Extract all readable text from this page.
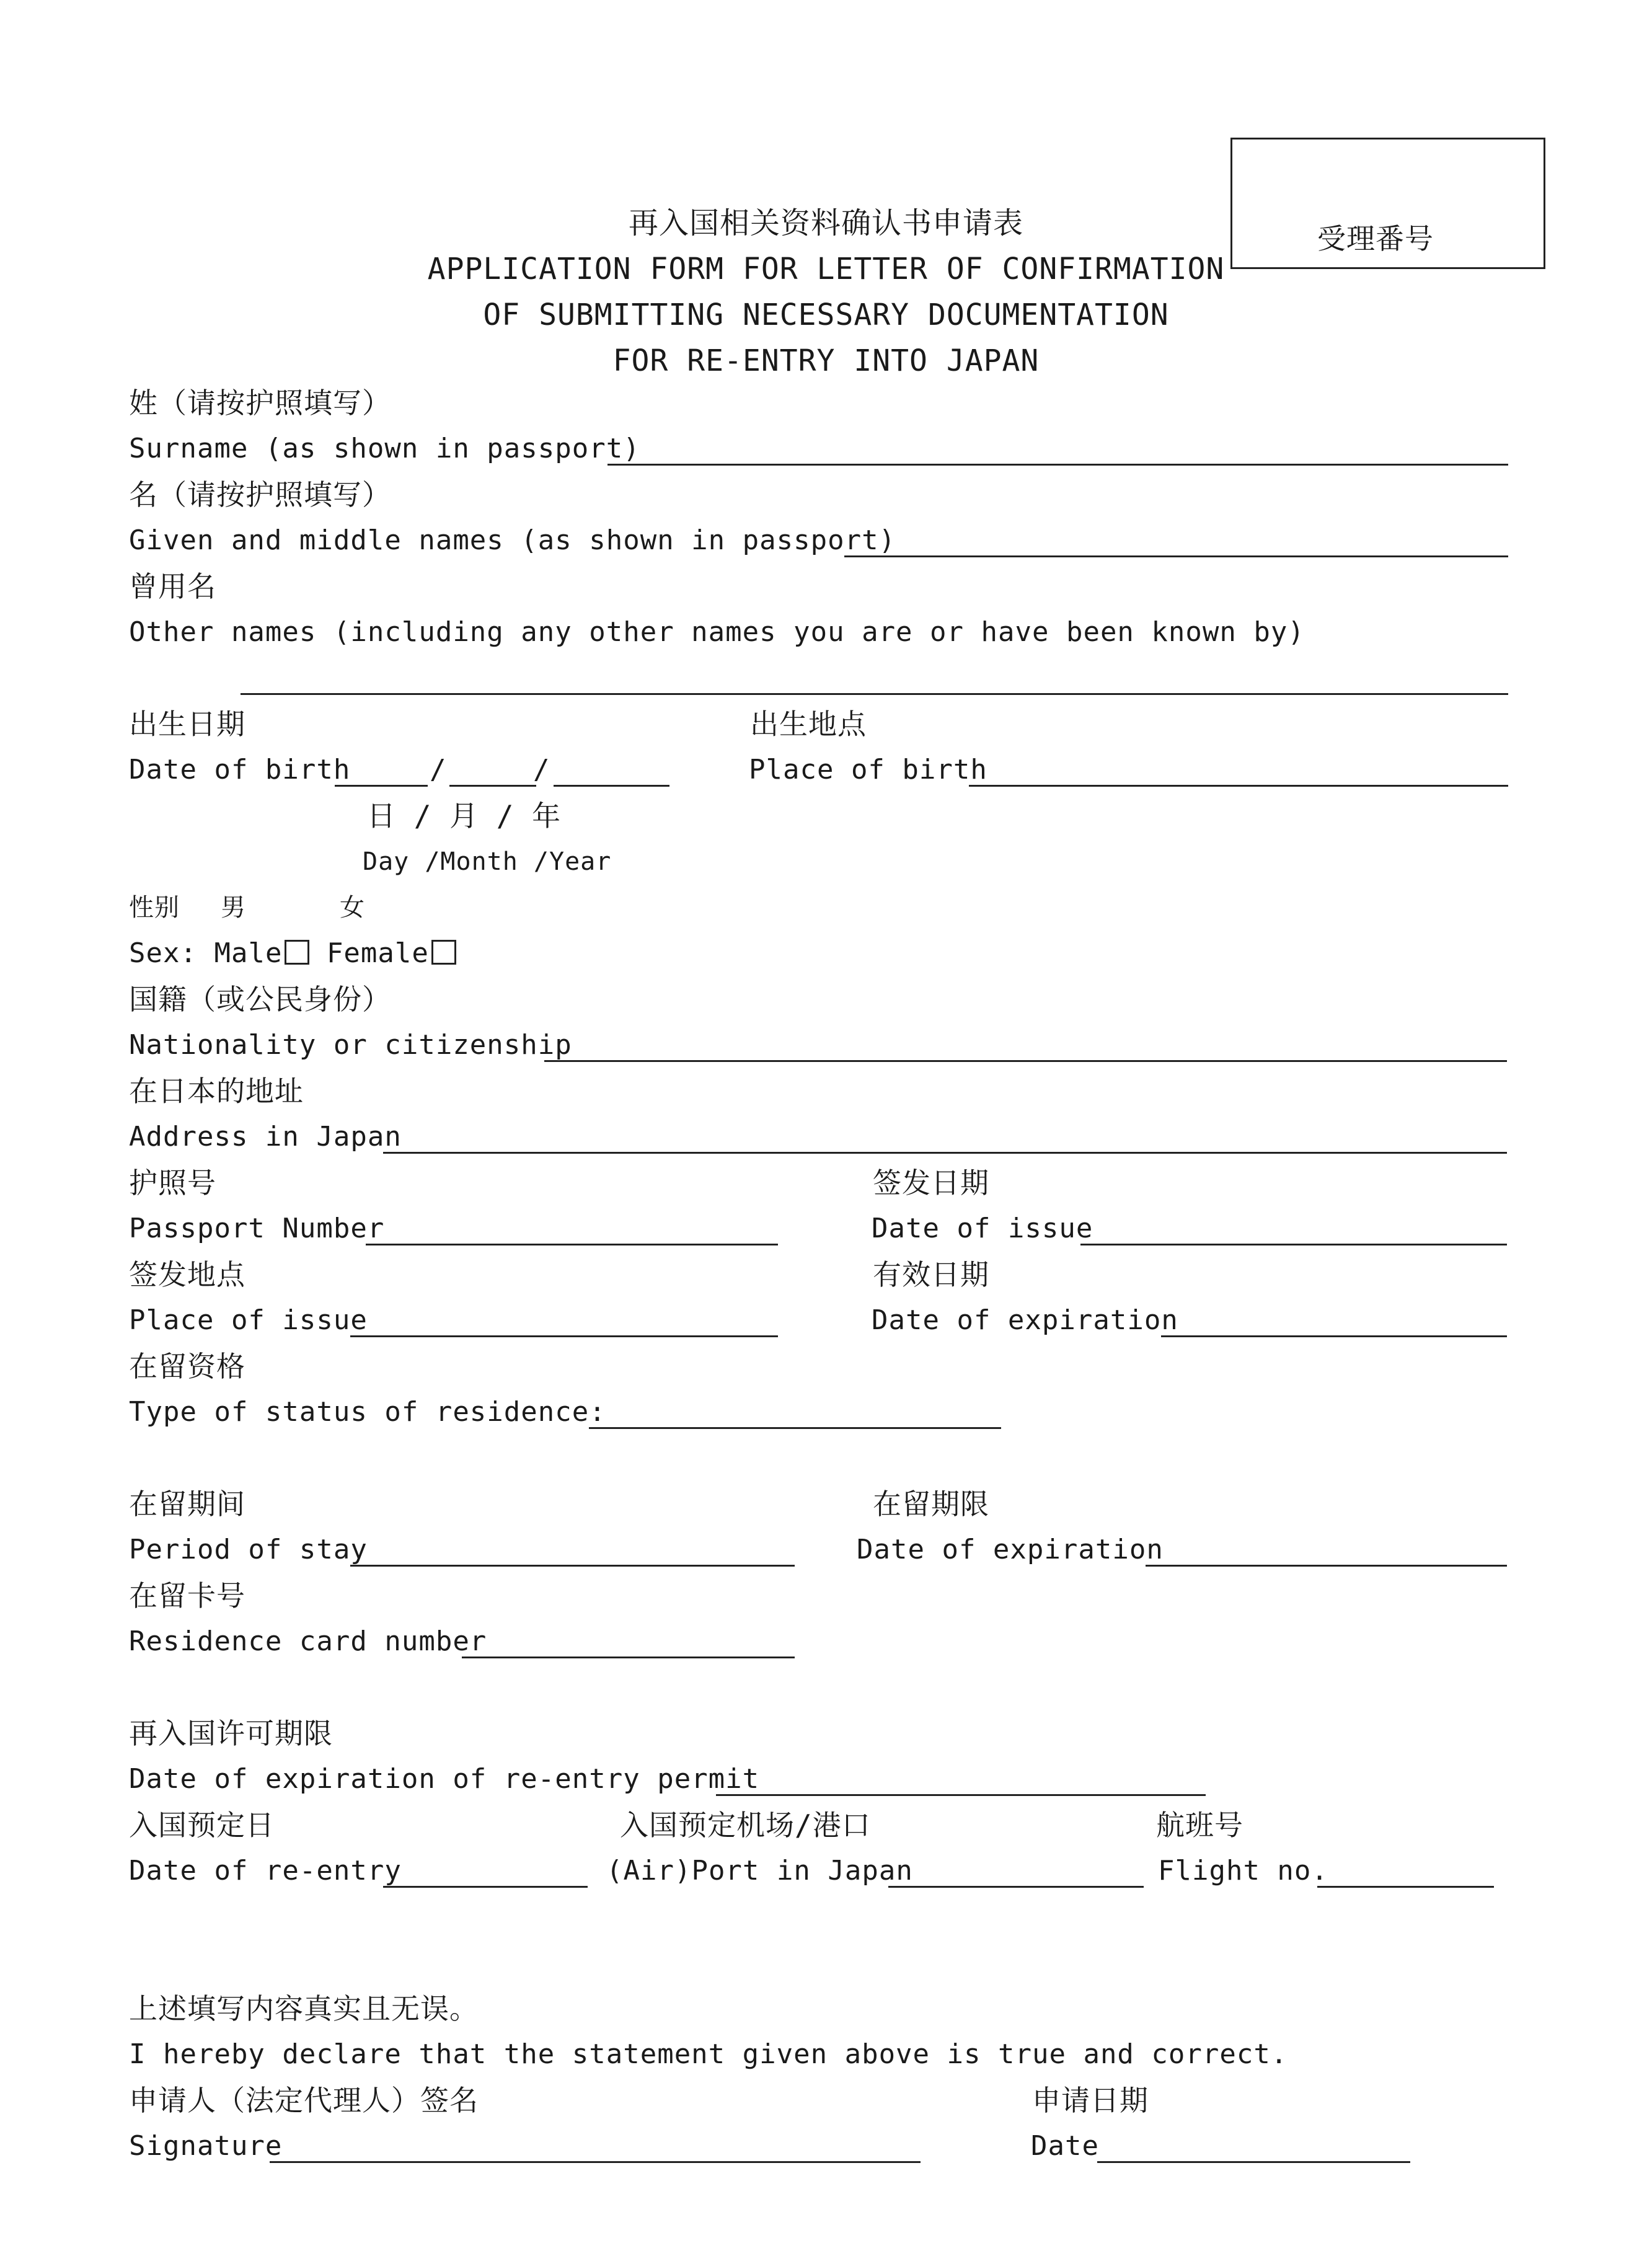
受理番号
再入国相关资料确认书申请表
APPLICATION FORM FOR LETTER OF CONFIRMATION
OF SUBMITTING NECESSARY DOCUMENTATION
FOR RE-ENTRY INTO JAPAN
姓（请按护照填写）
Surname (as shown in passport)
名（请按护照填写）
Given and middle names (as shown in passport)
曾用名
Other names (including any other names you are or have been known by)
出生日期	出生地点
Date of birth	/	/	Place of birth
日 / 月 / 年
Day /Month /Year
性别 男	女
Sex: Male Female
国籍（或公民身份）
Nationality or citizenship
在日本的地址
Address in Japan
护照号	签发日期
Passport Number	Date of issue
签发地点	有效日期
Place of issue	Date of expiration
在留资格
Type of status of residence:
在留期间	在留期限
Period of stay	Date of expiration
在留卡号
Residence card number
再入国许可期限
Date of expiration of re-entry permit
入国预定日	入国预定机场/港口	航班号
Date of re-entry	(Air)Port in Japan	Flight no.
上述填写内容真实且无误。
I hereby declare that the statement given above is true and correct.
申请人（法定代理人）签名	申请日期
Signature	Date
